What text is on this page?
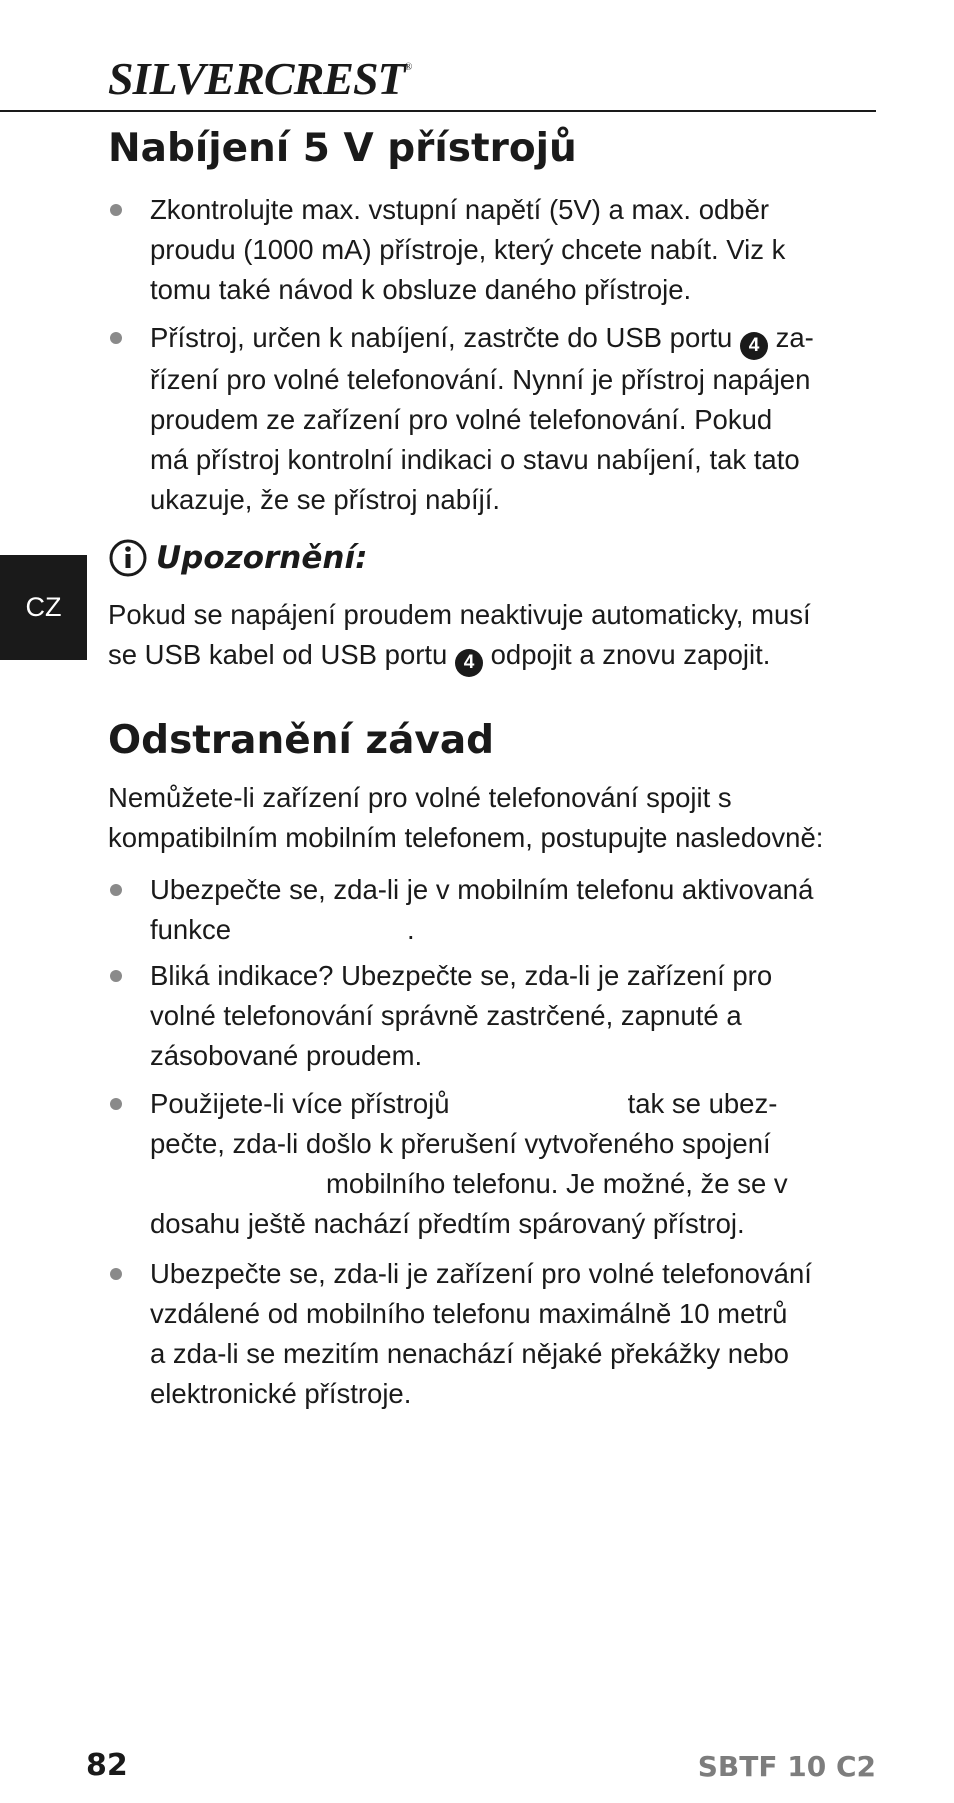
SILVERCREST®
Nabíjení 5 V přístrojů

Zkontrolujte max. vstupní napětí (5V) a max. odběr
proudu (1000 mA) přístroje, který chcete nabít. Viz k
tomu také návod k obsluze daného přístroje.

Přístroj, určen k nabíjení, zastrčte do USB portu 4 za-
řízení pro volné telefonování. Nynní je přístroj napájen
proudem ze zařízení pro volné telefonování. Pokud
má přístroj kontrolní indikaci o stavu nabíjení, tak tato
ukazuje, že se přístroj nabíjí.

Upozornění:
CZ	Pokud se napájení proudem neaktivuje automaticky, musí
se USB kabel od USB portu 4 odpojit a znovu zapojit.

Odstranění závad

Nemůžete-li zařízení pro volné telefonování spojit s
kompatibilním mobilním telefonem, postupujte nasledovně:

Ubezpečte se, zda-li je v mobilním telefonu aktivovaná
funkce	.

Bliká indikace? Ubezpečte se, zda-li je zařízení pro
volné telefonování správně zastrčené, zapnuté a
zásobované proudem.

Použijete-li více přístrojů	tak se ubez-
pečte, zda-li došlo k přerušení vytvořeného spojení
mobilního telefonu. Je možné, že se v
dosahu ještě nachází předtím spárovaný přístroj.

Ubezpečte se, zda-li je zařízení pro volné telefonování
vzdálené od mobilního telefonu maximálně 10 metrů
a zda-li se mezitím nenachází nějaké překážky nebo
elektronické přístroje.

82	SBTF 10 C2
